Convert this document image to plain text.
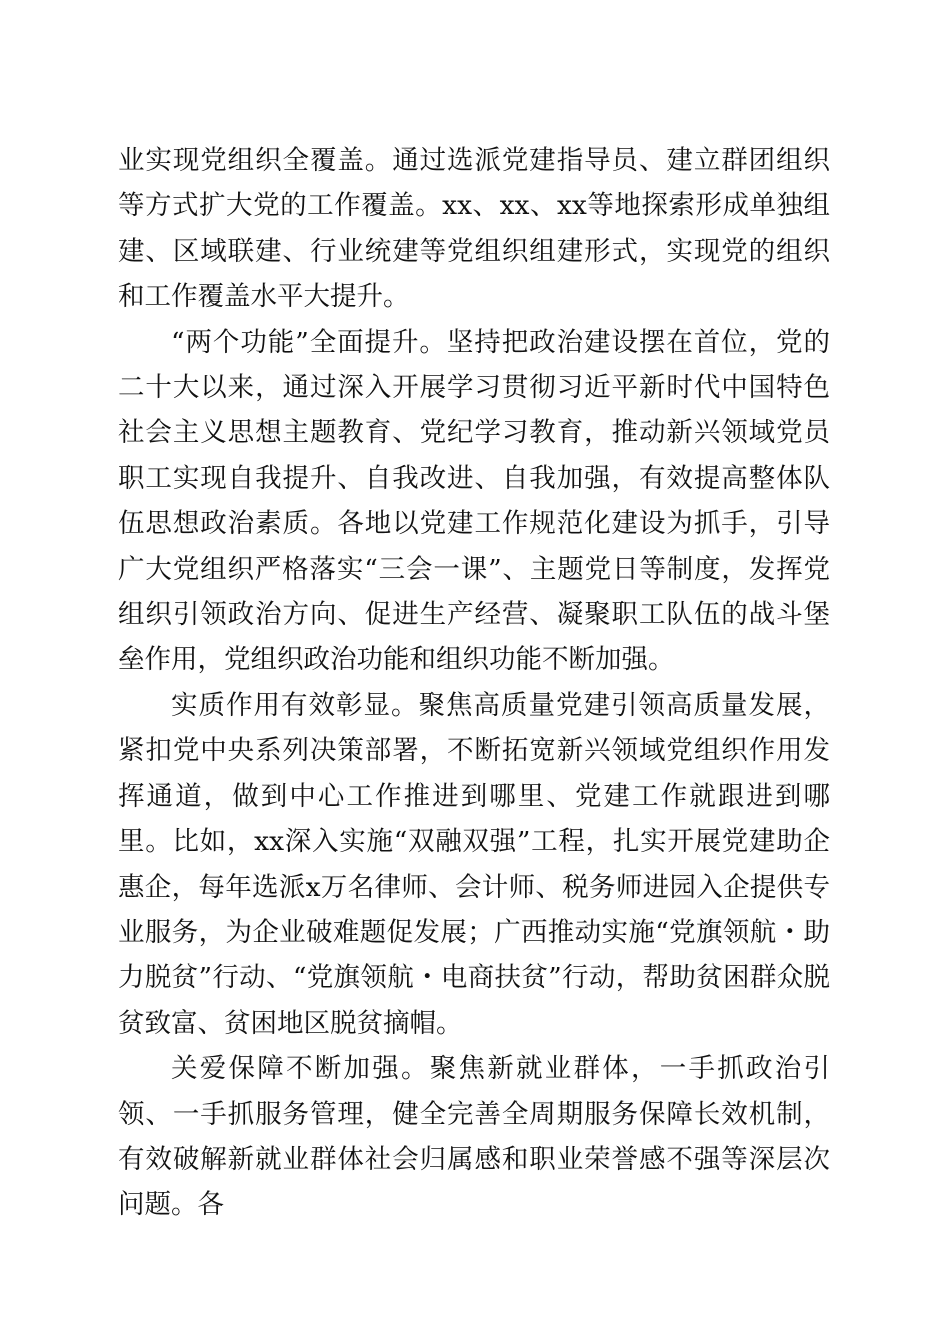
业实现党组织全覆盖。通过选派党建指导员、建立群团组织等方式扩大党的工作覆盖。xx、xx、xx等地探索形成单独组建、区域联建、行业统建等党组织组建形式，实现党的组织和工作覆盖水平大提升。

“两个功能”全面提升。坚持把政治建设摆在首位，党的二十大以来，通过深入开展学习贯彻习近平新时代中国特色社会主义思想主题教育、党纪学习教育，推动新兴领域党员职工实现自我提升、自我改进、自我加强，有效提高整体队伍思想政治素质。各地以党建工作规范化建设为抓手，引导广大党组织严格落实“三会一课”、主题党日等制度，发挥党组织引领政治方向、促进生产经营、凝聚职工队伍的战斗堡垒作用，党组织政治功能和组织功能不断加强。

实质作用有效彰显。聚焦高质量党建引领高质量发展，紧扣党中央系列决策部署，不断拓宽新兴领域党组织作用发挥通道，做到中心工作推进到哪里、党建工作就跟进到哪里。比如，xx深入实施“双融双强”工程，扎实开展党建助企惠企，每年选派x万名律师、会计师、税务师进园入企提供专业服务，为企业破难题促发展；广西推动实施“党旗领航・助力脱贫”行动、“党旗领航・电商扶贫”行动，帮助贫困群众脱贫致富、贫困地区脱贫摘帽。

关爱保障不断加强。聚焦新就业群体，一手抓政治引领、一手抓服务管理，健全完善全周期服务保障长效机制，有效破解新就业群体社会归属感和职业荣誉感不强等深层次问题。各
